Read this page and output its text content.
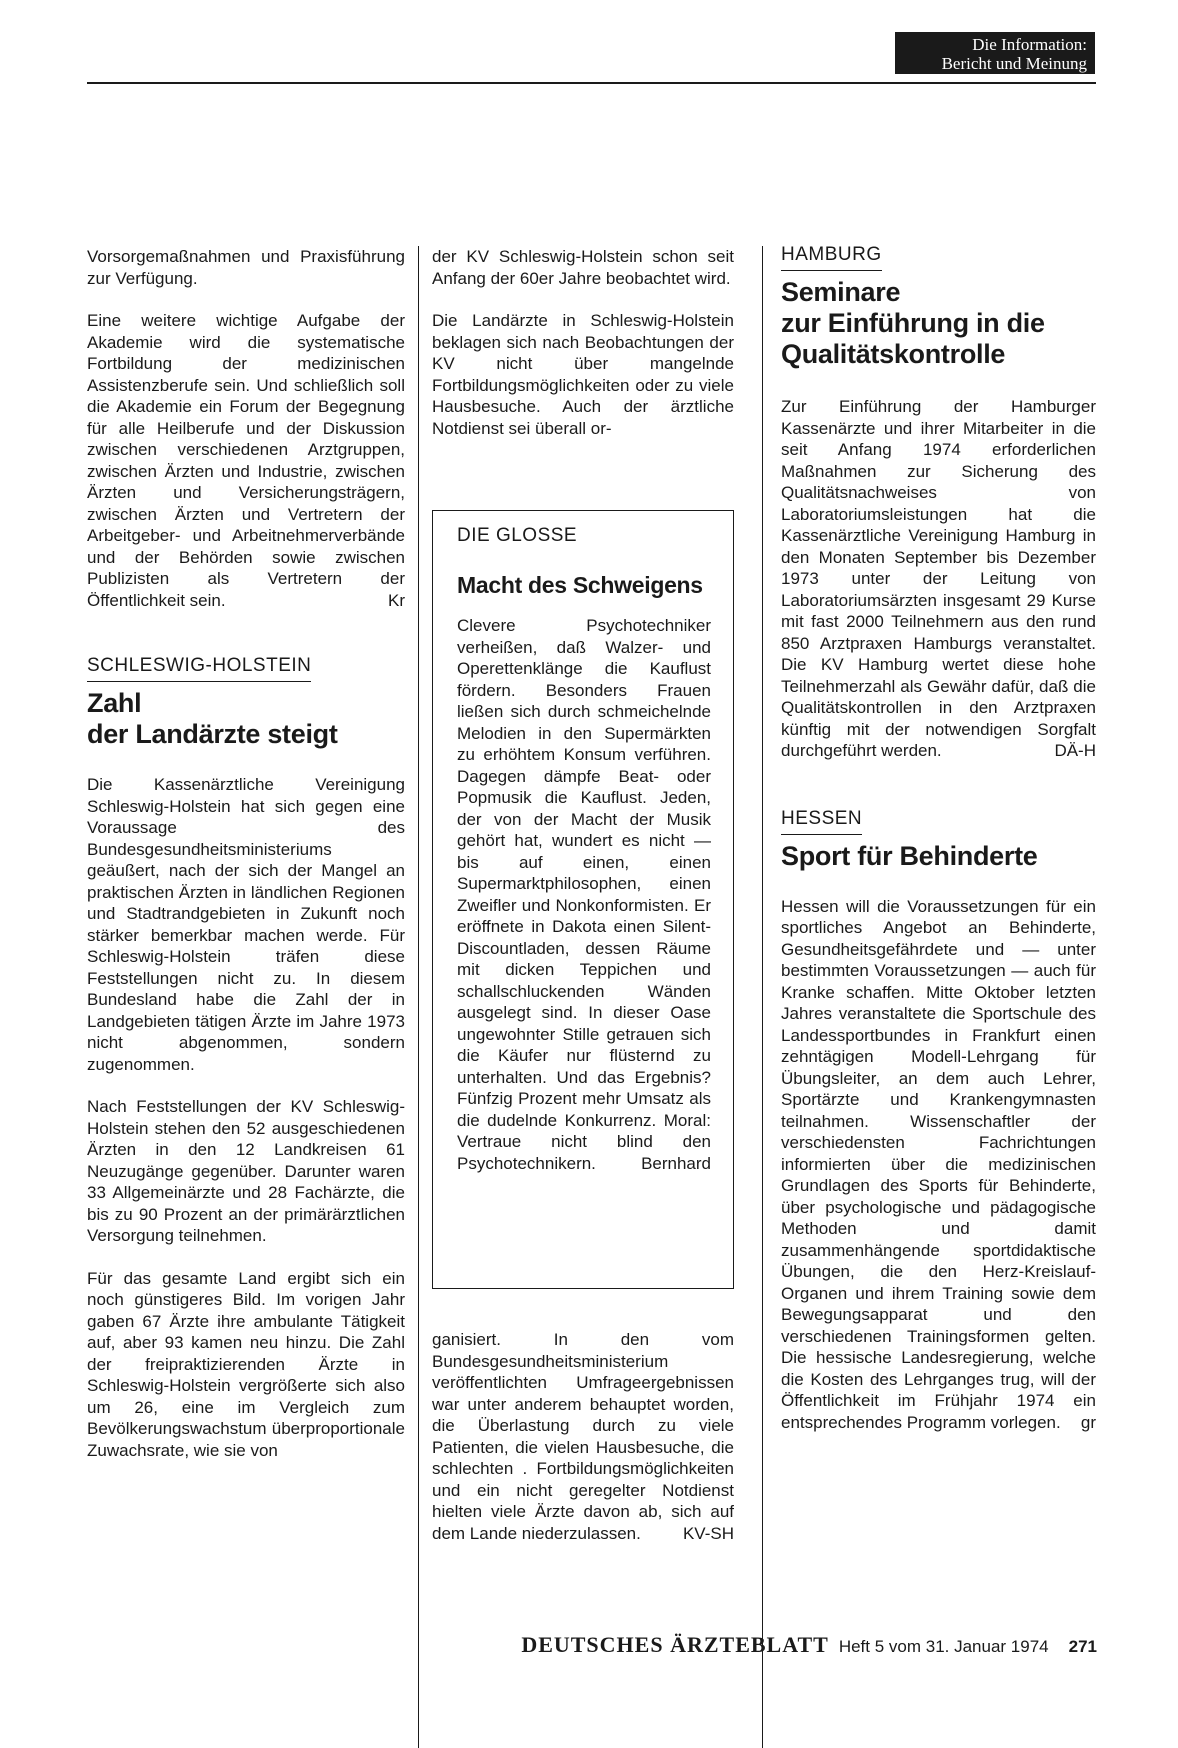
Die Information:
Bericht und Meinung

Vorsorgemaßnahmen und Praxisführung zur Verfügung.

Eine weitere wichtige Aufgabe der Akademie wird die systematische Fortbildung der medizinischen Assistenzberufe sein. Und schließlich soll die Akademie ein Forum der Begegnung für alle Heilberufe und der Diskussion zwischen verschiedenen Arztgruppen, zwischen Ärzten und Industrie, zwischen Ärzten und Versicherungsträgern, zwischen Ärzten und Vertretern der Arbeitgeber- und Arbeitnehmerverbände und der Behörden sowie zwischen Publizisten als Vertretern der Öffentlichkeit sein.	Kr

SCHLESWIG-HOLSTEIN
Zahl
der Landärzte steigt

Die Kassenärztliche Vereinigung Schleswig-Holstein hat sich gegen eine Voraussage des Bundesgesundheitsministeriums geäußert, nach der sich der Mangel an praktischen Ärzten in ländlichen Regionen und Stadtrandgebieten in Zukunft noch stärker bemerkbar machen werde. Für Schleswig-Holstein träfen diese Feststellungen nicht zu. In diesem Bundesland habe die Zahl der in Landgebieten tätigen Ärzte im Jahre 1973 nicht abgenommen, sondern zugenommen.

Nach Feststellungen der KV Schleswig-Holstein stehen den 52 ausgeschiedenen Ärzten in den 12 Landkreisen 61 Neuzugänge gegenüber. Darunter waren 33 Allgemeinärzte und 28 Fachärzte, die bis zu 90 Prozent an der primärärztlichen Versorgung teilnehmen.

Für das gesamte Land ergibt sich ein noch günstigeres Bild. Im vorigen Jahr gaben 67 Ärzte ihre ambulante Tätigkeit auf, aber 93 kamen neu hinzu. Die Zahl der freipraktizierenden Ärzte in Schleswig-Holstein vergrößerte sich also um 26, eine im Vergleich zum Bevölkerungswachstum überproportionale Zuwachsrate, wie sie von

der KV Schleswig-Holstein schon seit Anfang der 60er Jahre beobachtet wird.

Die Landärzte in Schleswig-Holstein beklagen sich nach Beobachtungen der KV nicht über mangelnde Fortbildungsmöglichkeiten oder zu viele Hausbesuche. Auch der ärztliche Notdienst sei überall or-

DIE GLOSSE
Macht des Schweigens

Clevere Psychotechniker verheißen, daß Walzer- und Operettenklänge die Kauflust fördern. Besonders Frauen ließen sich durch schmeichelnde Melodien in den Supermärkten zu erhöhtem Konsum verführen. Dagegen dämpfe Beat- oder Popmusik die Kauflust. Jeden, der von der Macht der Musik gehört hat, wundert es nicht — bis auf einen, einen Supermarktphilosophen, einen Zweifler und Nonkonformisten. Er eröffnete in Dakota einen Silent-Discountladen, dessen Räume mit dicken Teppichen und schallschluckenden Wänden ausgelegt sind. In dieser Oase ungewohnter Stille getrauen sich die Käufer nur flüsternd zu unterhalten. Und das Ergebnis? Fünfzig Prozent mehr Umsatz als die dudelnde Konkurrenz. Moral: Vertraue nicht blind den Psychotechnikern.	Bernhard

ganisiert. In den vom Bundesgesundheitsministerium veröffentlichten Umfrageergebnissen war unter anderem behauptet worden, die Überlastung durch zu viele Patienten, die vielen Hausbesuche, die schlechten . Fortbildungsmöglichkeiten und ein nicht geregelter Notdienst hielten viele Ärzte davon ab, sich auf dem Lande niederzulassen. KV-SH

HAMBURG
Seminare
zur Einführung in die
Qualitätskontrolle

Zur Einführung der Hamburger Kassenärzte und ihrer Mitarbeiter in die seit Anfang 1974 erforderlichen Maßnahmen zur Sicherung des Qualitätsnachweises von Laboratoriumsleistungen hat die Kassenärztliche Vereinigung Hamburg in den Monaten September bis Dezember 1973 unter der Leitung von Laboratoriumsärzten insgesamt 29 Kurse mit fast 2000 Teilnehmern aus den rund 850 Arztpraxen Hamburgs veranstaltet. Die KV Hamburg wertet diese hohe Teilnehmerzahl als Gewähr dafür, daß die Qualitätskontrollen in den Arztpraxen künftig mit der notwendigen Sorgfalt durchgeführt werden.	DÄ-H

HESSEN
Sport für Behinderte

Hessen will die Voraussetzungen für ein sportliches Angebot an Behinderte, Gesundheitsgefährdete und — unter bestimmten Voraussetzungen — auch für Kranke schaffen. Mitte Oktober letzten Jahres veranstaltete die Sportschule des Landessportbundes in Frankfurt einen zehntägigen Modell-Lehrgang für Übungsleiter, an dem auch Lehrer, Sportärzte und Krankengymnasten teilnahmen. Wissenschaftler der verschiedensten Fachrichtungen informierten über die medizinischen Grundlagen des Sports für Behinderte, über psychologische und pädagogische Methoden und damit zusammenhängende sportdidaktische Übungen, die den Herz-Kreislauf-Organen und ihrem Training sowie dem Bewegungsapparat und den verschiedenen Trainingsformen gelten. Die hessische Landesregierung, welche die Kosten des Lehrganges trug, will der Öffentlichkeit im Frühjahr 1974 ein entsprechendes Programm vorlegen. gr

DEUTSCHES ÄRZTEBLATT Heft 5 vom 31. Januar 1974 271
